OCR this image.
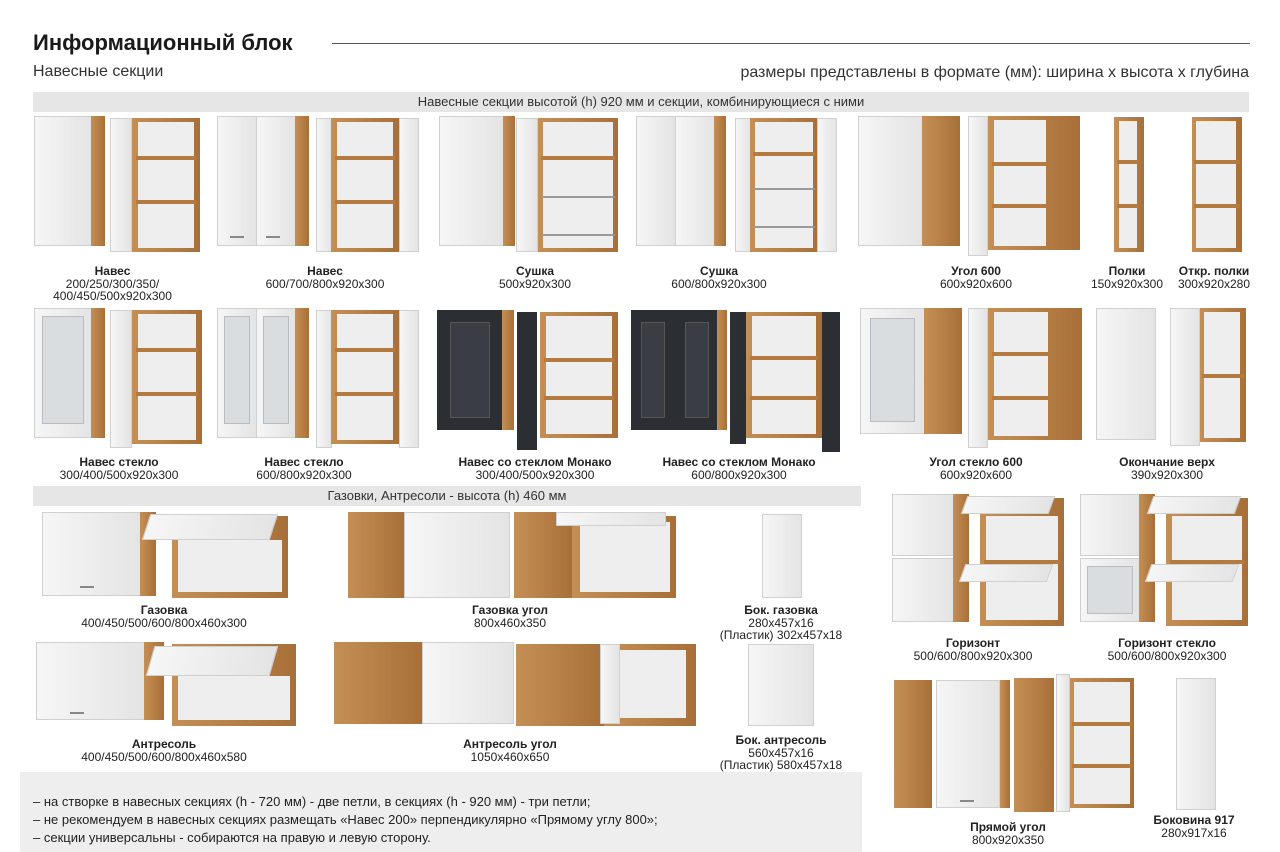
Информационный блок
Навесные секции	размеры представлены в формате (мм): ширина х высота х глубина
Навесные секции высотой (h) 920 мм и секции, комбинирующиеся с ними
Навес
200/250/300/350/
400/450/500х920х300
Навес
600/700/800х920х300
Сушка
500х920х300
Сушка
600/800х920х300
Угол 600
600х920х600
Полки
150х920х300
Откр. полки
300х920х280
Навес стекло
300/400/500х920х300
Навес стекло
600/800х920х300
Навес со стеклом Монако
300/400/500х920х300
Навес со стеклом Монако
600/800х920х300
Угол стекло 600
600х920х600
Окончание верх
390х920х300
Газовки, Антресоли - высота (h) 460 мм
Газовка
400/450/500/600/800х460х300
Газовка угол
800х460х350
Бок. газовка
280х457х16
(Пластик) 302х457х18
Антресоль
400/450/500/600/800х460х580
Антресоль угол
1050х460х650
Бок. антресоль
560х457х16
(Пластик) 580х457х18
Горизонт
500/600/800х920х300
Горизонт стекло
500/600/800х920х300
Прямой угол
800х920х350
Боковина 917
280х917х16
– на створке в навесных секциях (h - 720 мм) - две петли, в секциях (h - 920 мм) - три петли;
– не рекомендуем в навесных секциях размещать «Навес 200» перпендикулярно «Прямому углу 800»;
– секции универсальны - собираются на правую и левую сторону.
